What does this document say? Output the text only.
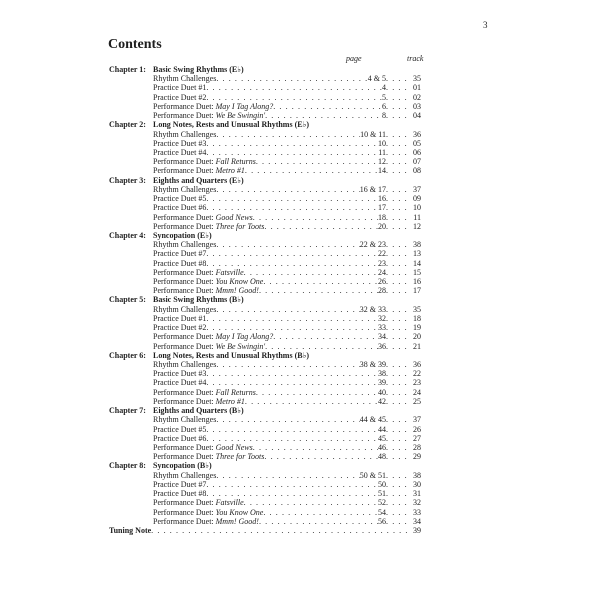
3
Contents
page	track
Chapter 1: Basic Swing Rhythms (E♭)
Rhythm Challenges . . .	4 & 5 . . .	35
Practice Duet #1 . . .	4 . . .	01
Practice Duet #2 . . .	5 . . .	02
Performance Duet: May I Tag Along? . . .	6 . . .	03
Performance Duet: We Be Swingin' . . .	8 . . .	04
Chapter 2: Long Notes, Rests and Unusual Rhythms (E♭)
Rhythm Challenges . . .	10 & 11 . . .	36
Practice Duet #3 . . .	10 . . .	05
Practice Duet #4 . . .	11 . . .	06
Performance Duet: Fall Returns . . .	12 . . .	07
Performance Duet: Metro #1 . . .	14 . . .	08
Chapter 3: Eighths and Quarters (E♭)
Rhythm Challenges . . .	16 & 17 . . .	37
Practice Duet #5 . . .	16 . . .	09
Practice Duet #6 . . .	17 . . .	10
Performance Duet: Good News . . .	18 . . .	11
Performance Duet: Three for Toots . . .	20 . . .	12
Chapter 4: Syncopation (E♭)
Rhythm Challenges . . .	22 & 23 . . .	38
Practice Duet #7 . . .	22 . . .	13
Practice Duet #8 . . .	23 . . .	14
Performance Duet: Fatsville . . .	24 . . .	15
Performance Duet: You Know One . . .	26 . . .	16
Performance Duet: Mmm! Good! . . .	28 . . .	17
Chapter 5: Basic Swing Rhythms (B♭)
Rhythm Challenges . . .	32 & 33 . . .	35
Practice Duet #1 . . .	32 . . .	18
Practice Duet #2 . . .	33 . . .	19
Performance Duet: May I Tag Along? . . .	34 . . .	20
Performance Duet: We Be Swingin' . . .	36 . . .	21
Chapter 6: Long Notes, Rests and Unusual Rhythms (B♭)
Rhythm Challenges . . .	38 & 39 . . .	36
Practice Duet #3 . . .	38 . . .	22
Practice Duet #4 . . .	39 . . .	23
Performance Duet: Fall Returns . . .	40 . . .	24
Performance Duet: Metro #1 . . .	42 . . .	25
Chapter 7: Eighths and Quarters (B♭)
Rhythm Challenges . . .	44 & 45 . . .	37
Practice Duet #5 . . .	44 . . .	26
Practice Duet #6 . . .	45 . . .	27
Performance Duet: Good News . . .	46 . . .	28
Performance Duet: Three for Toots . . .	48 . . .	29
Chapter 8: Syncopation (B♭)
Rhythm Challenges . . .	50 & 51 . . .	38
Practice Duet #7 . . .	50 . . .	30
Practice Duet #8 . . .	51 . . .	31
Performance Duet: Fatsville . . .	52 . . .	32
Performance Duet: You Know One . . .	54 . . .	33
Performance Duet: Mmm! Good! . . .	56 . . .	34
Tuning Note . . .	39
